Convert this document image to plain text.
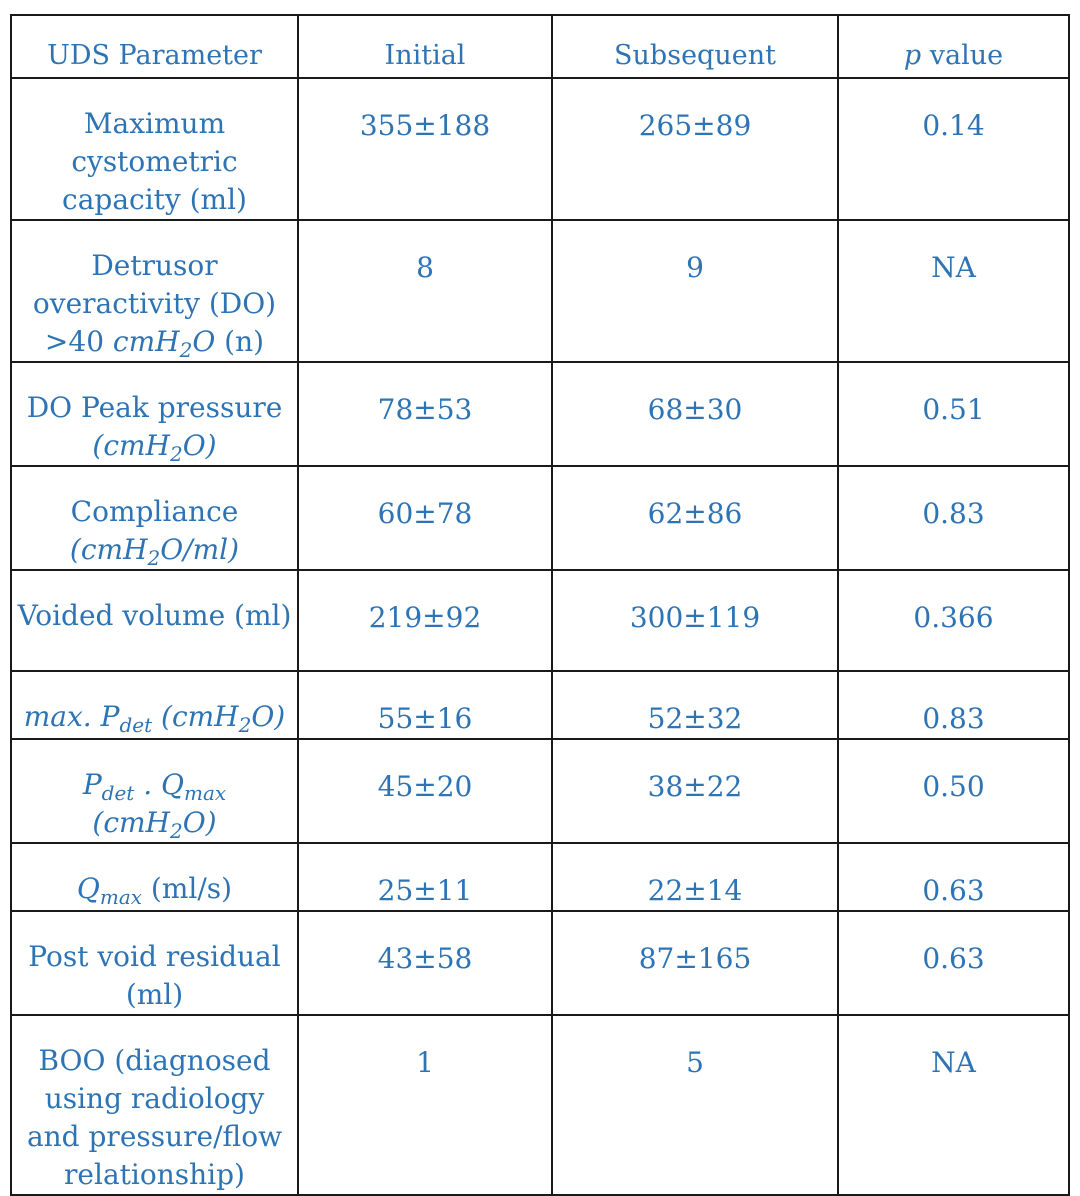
UDS Parameter	Initial	Subsequent	p value

Maximum cystometric capacity (ml)	355±188	265±89	0.14
Detrusor overactivity (DO)
>40 cmH$_2$O (n)	8	9	NA
DO Peak pressure
(cmH$_2$O)	78±53	68±30	0.51
Compliance
(cmH$_2$O/ml)	60±78	62±86	0.83
Voided volume (ml)	219±92	300±119	0.366
max. $P_{det}$ (cmH$_2$O)	55±16	52±32	0.83
$P_{det}$ . $Q_{max}$
(cmH$_2$O)	45±20	38±22	0.50
$Q_{max}$ (ml/s)	25±11	22±14	0.63
Post void residual (ml)	43±58	87±165	0.63
BOO (diagnosed using radiology and pressure/flow relationship)	1	5	NA
